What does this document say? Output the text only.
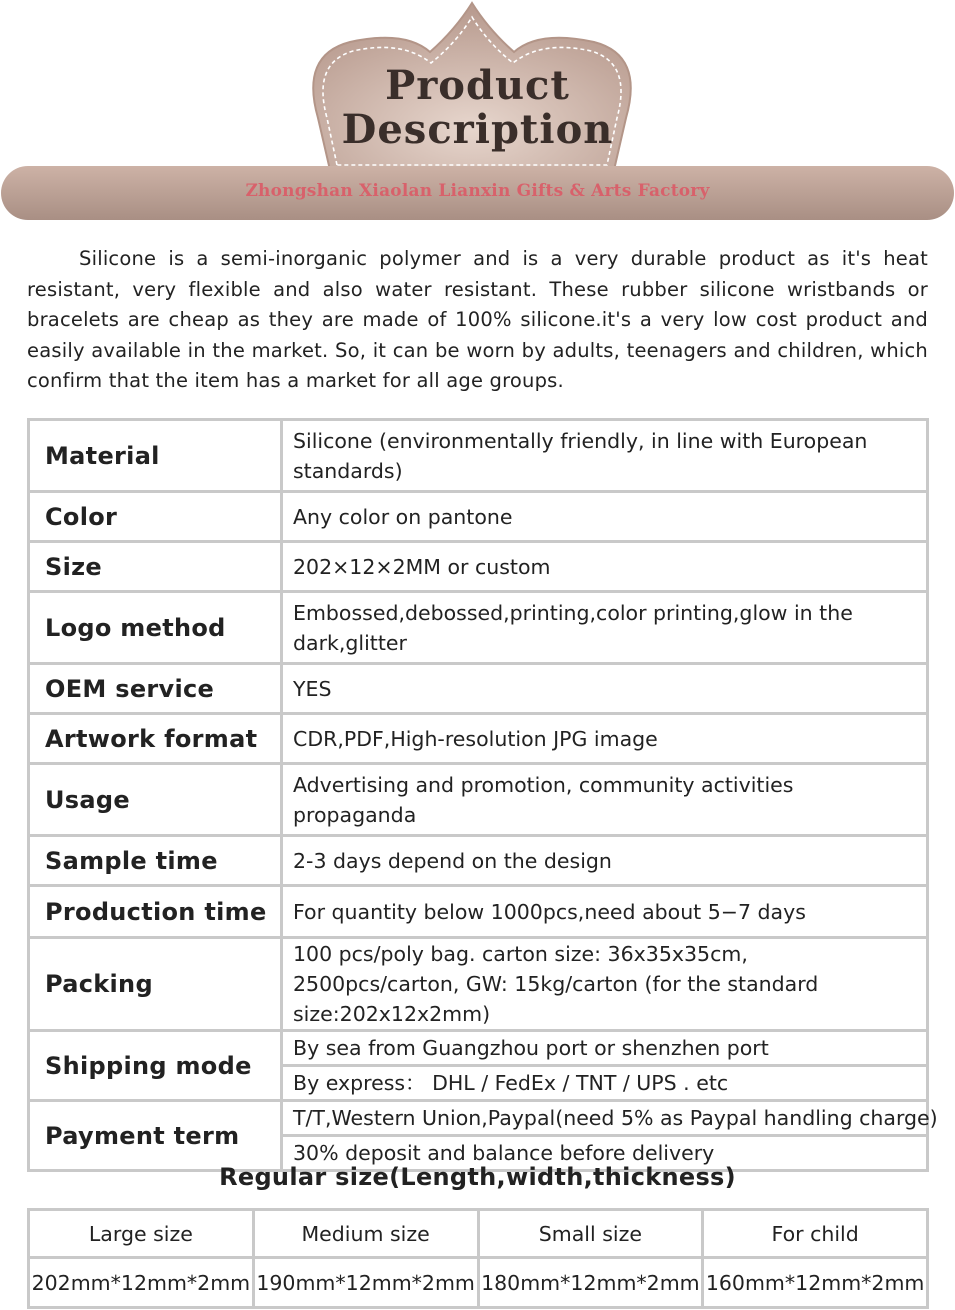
Product
Description
Zhongshan Xiaolan Lianxin Gifts & Arts Factory
Silicone is a semi-inorganic polymer and is a very durable product as it's heat resistant, very flexible and also water resistant. These rubber silicone wristbands or bracelets are cheap as they are made of 100% silicone.it's a very low cost product and easily available in the market. So, it can be worn by adults, teenagers and children, which confirm that the item has a market for all age groups.
Material	Silicone (environmentally friendly, in line with European standards)
Color	Any color on pantone
Size	202×12×2MM or custom
Logo method	Embossed,debossed,printing,color printing,glow in the dark,glitter
OEM service	YES
Artwork format	CDR,PDF,High-resolution JPG image
Usage	Advertising and promotion, community activities propaganda
Sample time	2-3 days depend on the design
Production time	For quantity below 1000pcs,need about 5−7 days
Packing	100 pcs/poly bag. carton size: 36x35x35cm, 2500pcs/carton, GW: 15kg/carton (for the standard size:202x12x2mm)
Shipping mode	By sea from Guangzhou port or shenzhen port
	By express： DHL / FedEx / TNT / UPS . etc
Payment term	T/T,Western Union,Paypal(need 5% as Paypal handling charge)
	30% deposit and balance before delivery
Regular size(Length,width,thickness)
Large size	Medium size	Small size	For child
202mm*12mm*2mm	190mm*12mm*2mm	180mm*12mm*2mm	160mm*12mm*2mm
